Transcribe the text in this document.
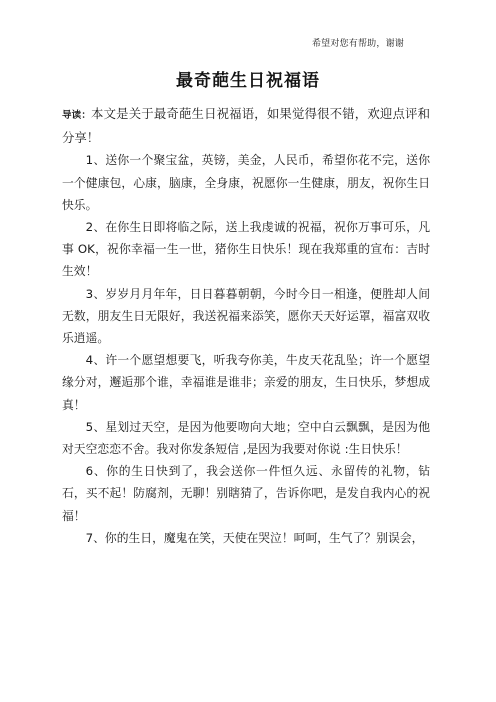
希望对您有帮助，谢谢
最奇葩生日祝福语

导读：本文是关于最奇葩生日祝福语，如果觉得很不错，欢迎点评和分享！

1、送你一个聚宝盆，英镑，美金，人民币，希望你花不完，送你一个健康包，心康，脑康，全身康，祝愿你一生健康，朋友，祝你生日快乐。

2、在你生日即将临之际，送上我虔诚的祝福，祝你万事可乐，凡事 OK，祝你幸福一生一世，猪你生日快乐！现在我郑重的宣布：吉时生效！

3、岁岁月月年年，日日暮暮朝朝，今时今日一相逢，便胜却人间无数，朋友生日无限好，我送祝福来添笑，愿你天天好运罩，福富双收乐逍遥。

4、许一个愿望想要飞，听我夸你美，牛皮天花乱坠；许一个愿望缘分对，邂逅那个谁，幸福谁是谁非；亲爱的朋友，生日快乐，梦想成真！

5、星划过天空，是因为他要吻向大地；空中白云飘飘，是因为他对天空恋恋不舍。我对你发条短信 ,是因为我要对你说 :生日快乐！

6、你的生日快到了，我会送你一件恒久远、永留传的礼物，钻石，买不起！防腐剂，无聊！别瞎猜了，告诉你吧，是发自我内心的祝福！

7、你的生日，魔鬼在笑，天使在哭泣！呵呵，生气了？别误会，
